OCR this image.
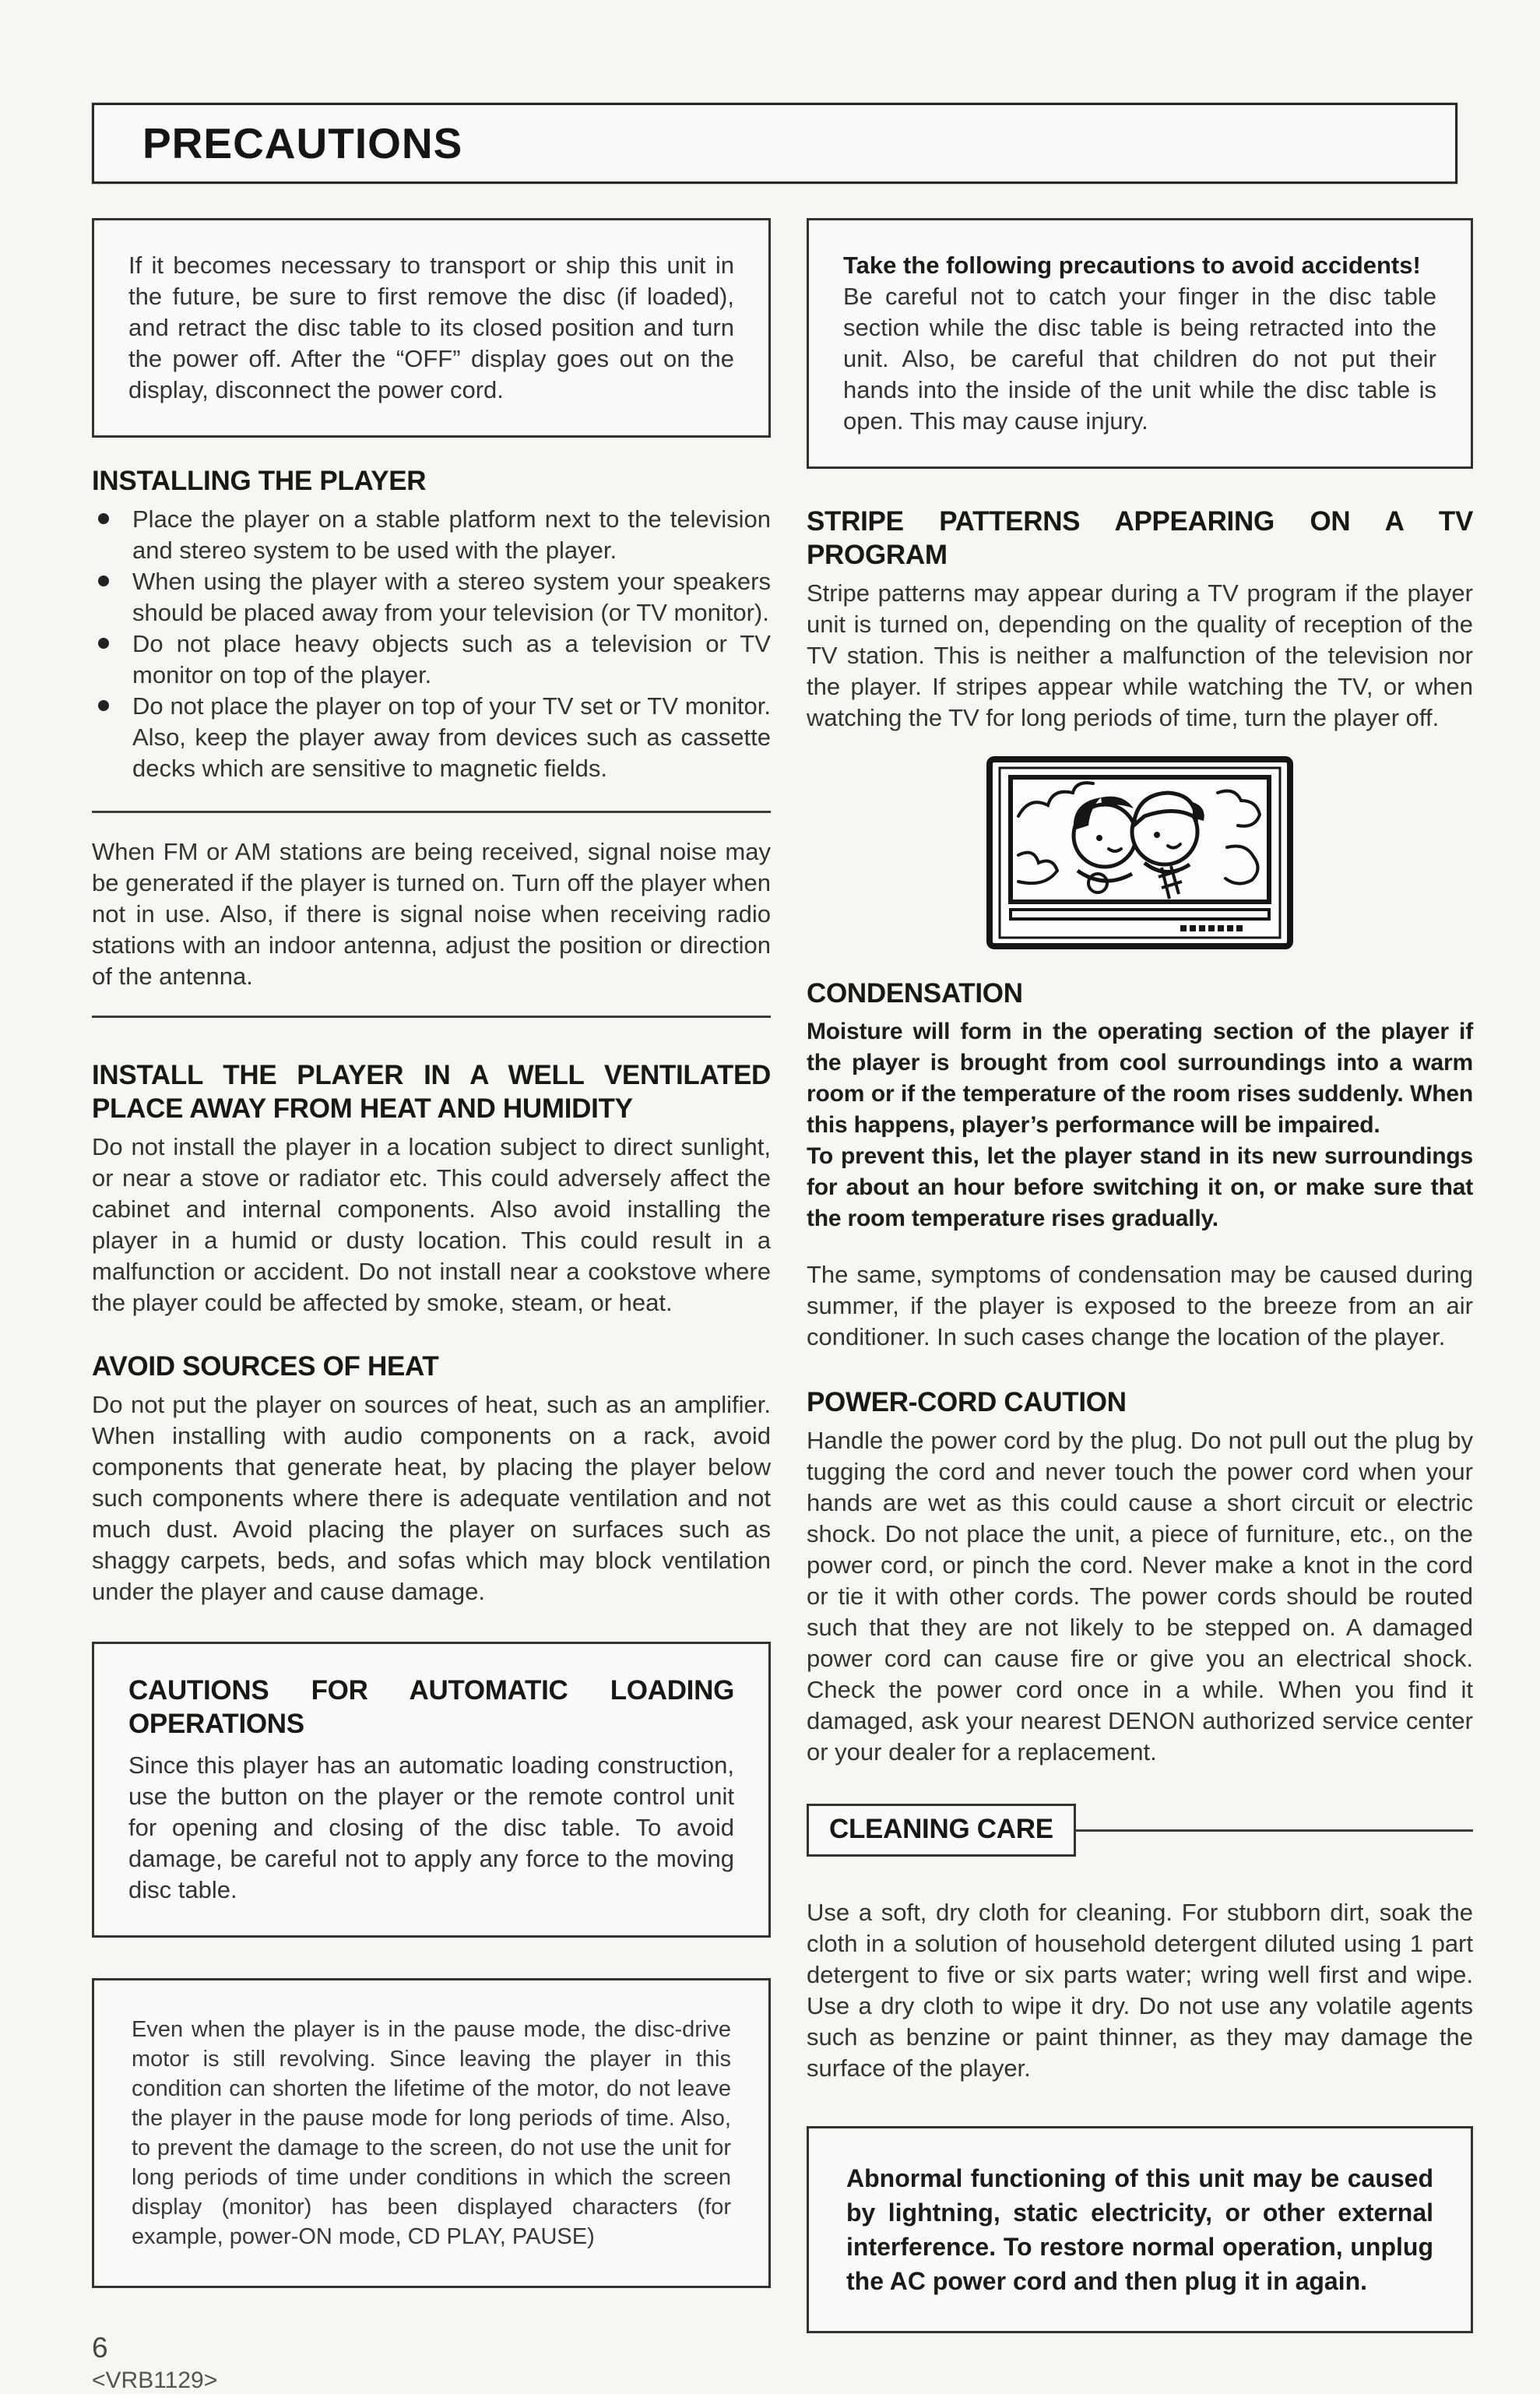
PRECAUTIONS

If it becomes necessary to transport or ship this unit in the future, be sure to first remove the disc (if loaded), and retract the disc table to its closed position and turn the power off. After the “OFF” display goes out on the display, disconnect the power cord.

INSTALLING THE PLAYER
Place the player on a stable platform next to the television and stereo system to be used with the player.
When using the player with a stereo system your speakers should be placed away from your television (or TV monitor).
Do not place heavy objects such as a television or TV monitor on top of the player.
Do not place the player on top of your TV set or TV monitor. Also, keep the player away from devices such as cassette decks which are sensitive to magnetic fields.

When FM or AM stations are being received, signal noise may be generated if the player is turned on. Turn off the player when not in use. Also, if there is signal noise when receiving radio stations with an indoor antenna, adjust the position or direction of the antenna.

INSTALL THE PLAYER IN A WELL VENTILATED PLACE AWAY FROM HEAT AND HUMIDITY

Do not install the player in a location subject to direct sunlight, or near a stove or radiator etc. This could adversely affect the cabinet and internal components. Also avoid installing the player in a humid or dusty location. This could result in a malfunction or accident. Do not install near a cookstove where the player could be affected by smoke, steam, or heat.

AVOID SOURCES OF HEAT

Do not put the player on sources of heat, such as an amplifier. When installing with audio components on a rack, avoid components that generate heat, by placing the player below such components where there is adequate ventilation and not much dust. Avoid placing the player on surfaces such as shaggy carpets, beds, and sofas which may block ventilation under the player and cause damage.

CAUTIONS FOR AUTOMATIC LOADING OPERATIONS

Since this player has an automatic loading construction, use the button on the player or the remote control unit for opening and closing of the disc table. To avoid damage, be careful not to apply any force to the moving disc table.

Even when the player is in the pause mode, the disc-drive motor is still revolving. Since leaving the player in this condition can shorten the lifetime of the motor, do not leave the player in the pause mode for long periods of time. Also, to prevent the damage to the screen, do not use the unit for long periods of time under conditions in which the screen display (monitor) has been displayed characters (for example, power-ON mode, CD PLAY, PAUSE)

6

<VRB1129>

Take the following precautions to avoid accidents!

Be careful not to catch your finger in the disc table section while the disc table is being retracted into the unit. Also, be careful that children do not put their hands into the inside of the unit while the disc table is open. This may cause injury.

STRIPE PATTERNS APPEARING ON A TV PROGRAM

Stripe patterns may appear during a TV program if the player unit is turned on, depending on the quality of reception of the TV station. This is neither a malfunction of the television nor the player. If stripes appear while watching the TV, or when watching the TV for long periods of time, turn the player off.

CONDENSATION

Moisture will form in the operating section of the player if the player is brought from cool surroundings into a warm room or if the temperature of the room rises suddenly. When this happens, player’s performance will be impaired.

To prevent this, let the player stand in its new surroundings for about an hour before switching it on, or make sure that the room temperature rises gradually.

The same, symptoms of condensation may be caused during summer, if the player is exposed to the breeze from an air conditioner. In such cases change the location of the player.

POWER-CORD CAUTION

Handle the power cord by the plug. Do not pull out the plug by tugging the cord and never touch the power cord when your hands are wet as this could cause a short circuit or electric shock. Do not place the unit, a piece of furniture, etc., on the power cord, or pinch the cord. Never make a knot in the cord or tie it with other cords. The power cords should be routed such that they are not likely to be stepped on. A damaged power cord can cause fire or give you an electrical shock. Check the power cord once in a while. When you find it damaged, ask your nearest DENON authorized service center or your dealer for a replacement.

CLEANING CARE

Use a soft, dry cloth for cleaning. For stubborn dirt, soak the cloth in a solution of household detergent diluted using 1 part detergent to five or six parts water; wring well first and wipe. Use a dry cloth to wipe it dry. Do not use any volatile agents such as benzine or paint thinner, as they may damage the surface of the player.

Abnormal functioning of this unit may be caused by lightning, static electricity, or other external interference. To restore normal operation, unplug the AC power cord and then plug it in again.
